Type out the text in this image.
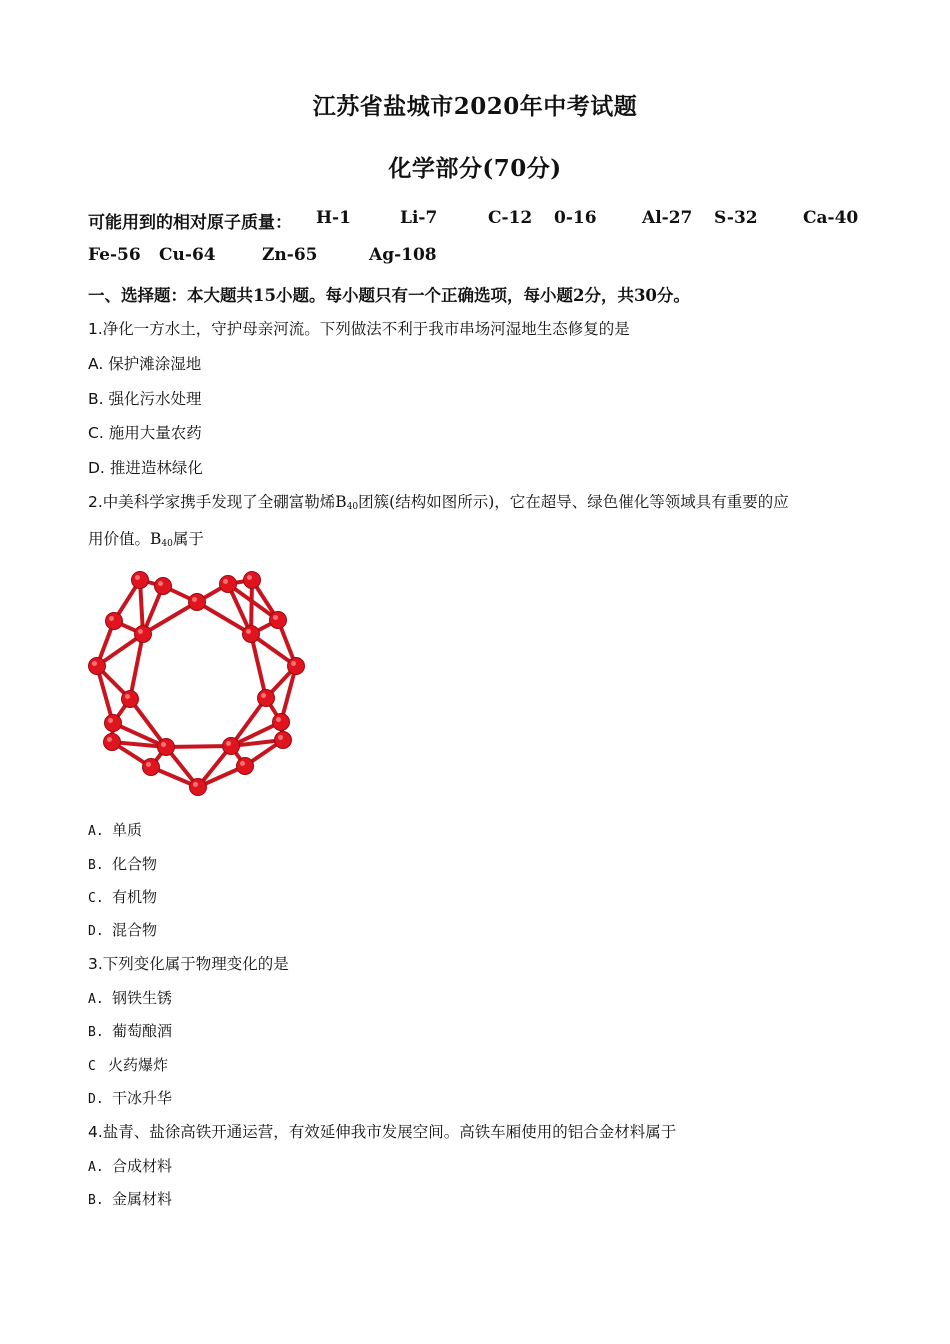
江苏省盐城市2020年中考试题
化学部分(70分)
可能用到的相对原子质量： H-1	Li-7	C-12 0-16	Al-27 S-32	Ca-40
Fe-56 Cu-64	Zn-65	Ag-108
一、选择题：本大题共15小题。每小题只有一个正确选项，每小题2分，共30分。
1.净化一方水土，守护母亲河流。下列做法不利于我市串场河湿地生态修复的是
A. 保护滩涂湿地
B. 强化污水处理
C. 施用大量农药
D. 推进造林绿化
2.中美科学家携手发现了全硼富勒烯$B_{40}$团簇(结构如图所示)，它在超导、绿色催化等领域具有重要的应
用价值。$B_{40}$属于
A. 单质
B. 化合物
C. 有机物
D. 混合物
3.下列变化属于物理变化的是
A. 钢铁生锈
B. 葡萄酿酒
C 火药爆炸
D. 干冰升华
4.盐青、盐徐高铁开通运营，有效延伸我市发展空间。高铁车厢使用的铝合金材料属于
A. 合成材料
B. 金属材料
